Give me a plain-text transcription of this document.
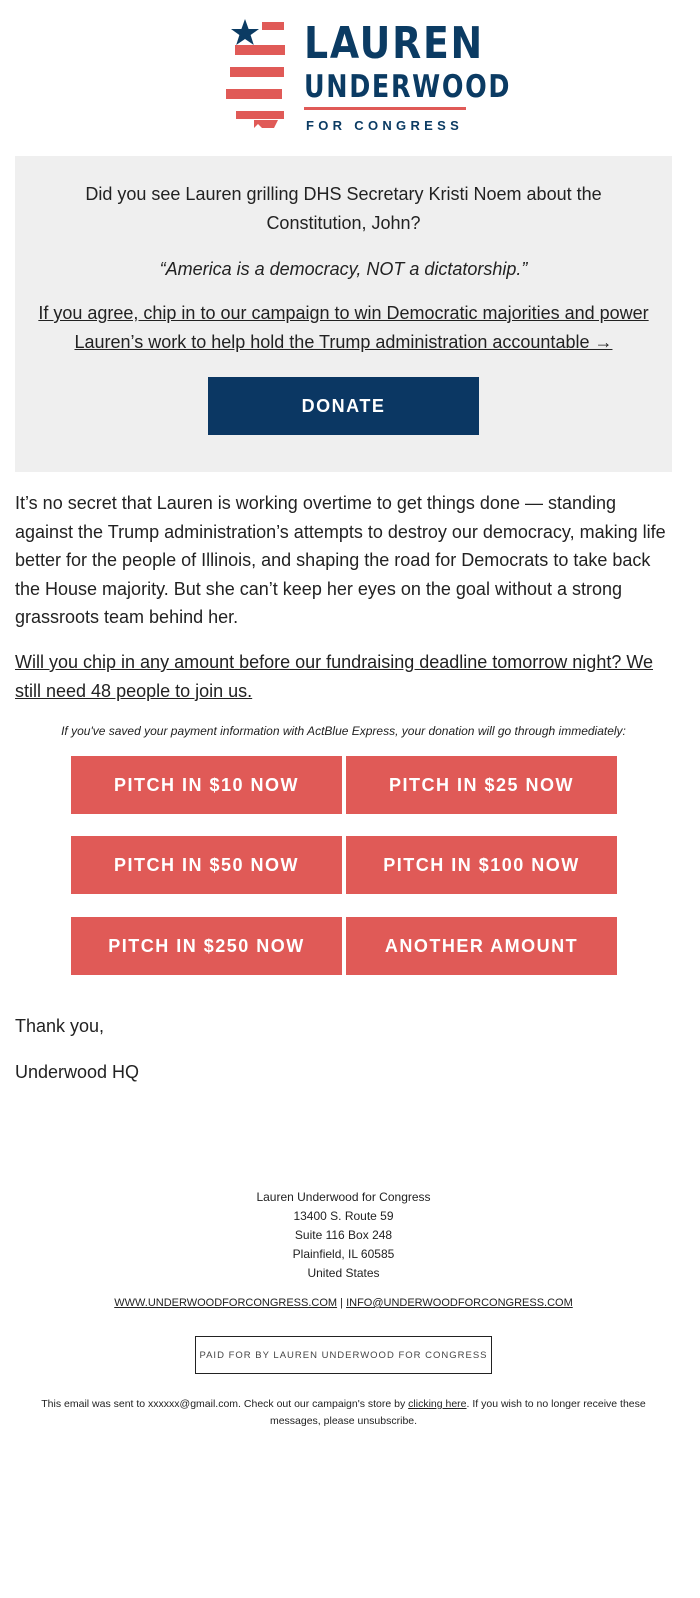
LAUREN
UNDERWOOD
FOR CONGRESS

Did you see Lauren grilling DHS Secretary Kristi Noem about the Constitution, John?

“America is a democracy, NOT a dictatorship.”

If you agree, chip in to our campaign to win Democratic majorities and power Lauren’s work to help hold the Trump administration accountable →

DONATE

It’s no secret that Lauren is working overtime to get things done — standing against the Trump administration’s attempts to destroy our democracy, making life better for the people of Illinois, and shaping the road for Democrats to take back the House majority. But she can’t keep her eyes on the goal without a strong grassroots team behind her.

Will you chip in any amount before our fundraising deadline tomorrow night? We still need 48 people to join us.

If you've saved your payment information with ActBlue Express, your donation will go through immediately:

PITCH IN $10 NOW	PITCH IN $25 NOW
PITCH IN $50 NOW	PITCH IN $100 NOW
PITCH IN $250 NOW	ANOTHER AMOUNT

Thank you,

Underwood HQ

Lauren Underwood for Congress
13400 S. Route 59
Suite 116 Box 248
Plainfield, IL 60585
United States
WWW.UNDERWOODFORCONGRESS.COM | INFO@UNDERWOODFORCONGRESS.COM
PAID FOR BY LAUREN UNDERWOOD FOR CONGRESS

This email was sent to xxxxxx@gmail.com. Check out our campaign's store by clicking here. If you wish to no longer receive these messages, please unsubscribe.
